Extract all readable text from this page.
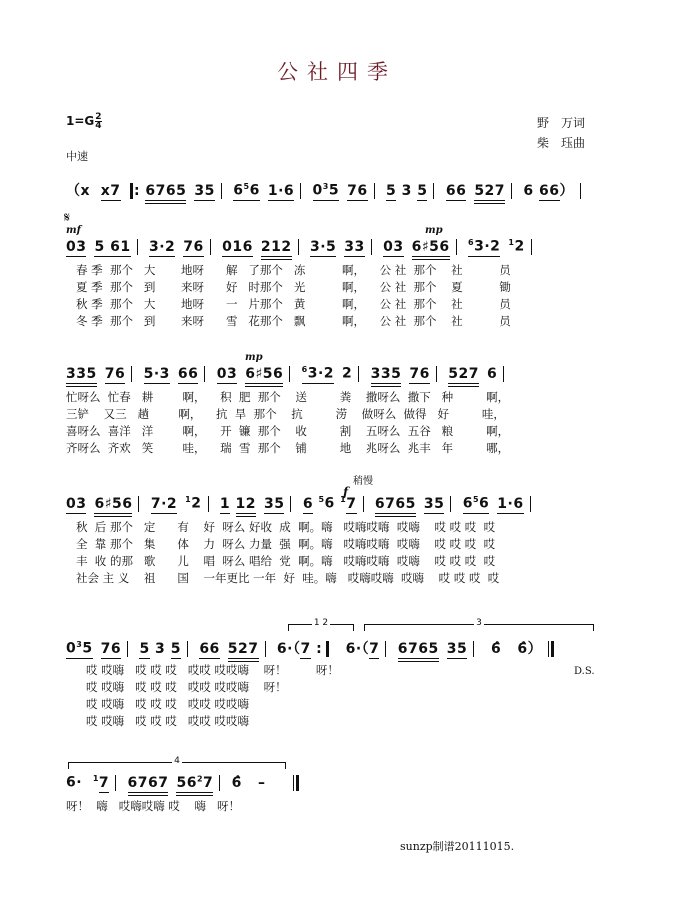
公社四季
$1=G \frac{2}{4}$	野　万词
柴　珏曲
中速
（x  x7 : 6765 35 $6^56$ 1·6 $0^35$ 76 5 3 5 66 527 6 66）
𝄋
mf	mp
03 5 61 3·2 76 016 212 3·5 33 03 6♯56 $^6$3·2 $^1$2
春 季  那个   大       地呀      解   了那个   冻          啊，    公 社  那个    社          员
夏 季  那个   到       来呀      好   时那个   光          啊，    公 社  那个    夏          锄
秋 季  那个   大       地呀      一   片那个   黄          啊，    公 社  那个    社          员
冬 季  那个   到       来呀      雪   花那个   飘          啊，    公 社  那个    社          员
mp
335 76 5·3 66 03 6♯56 $^6$3·2 2 335 76 527 6
忙呀么  忙春   耕        啊，    积  肥  那个    送         粪    撒呀么  撒下   种         啊，
三铲    又三   趟        啊，    抗  旱  那个    抗         涝    做呀么  做得   好         哇，
喜呀么  喜洋   洋        啊，    开  镰  那个    收         割    五呀么  五谷   粮         啊，
齐呀么  齐欢   笑        哇，    瑞  雪  那个    铺         地    兆呀么  兆丰   年         哪，
稍慢
f
03 6♯56 7·2 $^1$2 1 12 35 6 $^5$6 $^1$7 6765 35 $6^56$ 1·6
秋  后 那个   定      有    好  呀么 好收  成  啊。嗨   哎嗨哎嗨  哎嗨    哎 哎 哎  哎
全  靠 那个   集      体    力  呀么 力量  强  啊。嗨   哎嗨哎嗨  哎嗨    哎 哎 哎  哎
丰  收 的那   歌      儿    唱  呀么 唱给  党  啊。嗨   哎嗨哎嗨  哎嗨    哎 哎 哎  哎
社会 主 义    祖      国    一年更比 一年  好  哇。嗨   哎嗨哎嗨  哎嗨    哎 哎 哎  哎
1 2	3
$0^35$ 76 5 3 5 66 527 6·（7 : 6·（7 6765 35  6̂   6̂）
哎 哎嗨   哎 哎 哎   哎哎 哎哎嗨    呀！        呀！
哎 哎嗨   哎 哎 哎   哎哎 哎哎嗨    呀！
哎 哎嗨   哎 哎 哎   哎哎 哎哎嗨
哎 哎嗨   哎 哎 哎   哎哎 哎哎嗨
D.S.
4
6·  $^1$7 6767 $56^27$ 6̂   –
呀！  嗨   哎嗨哎嗨 哎    嗨   呀！
sunzp制谱20111015.
